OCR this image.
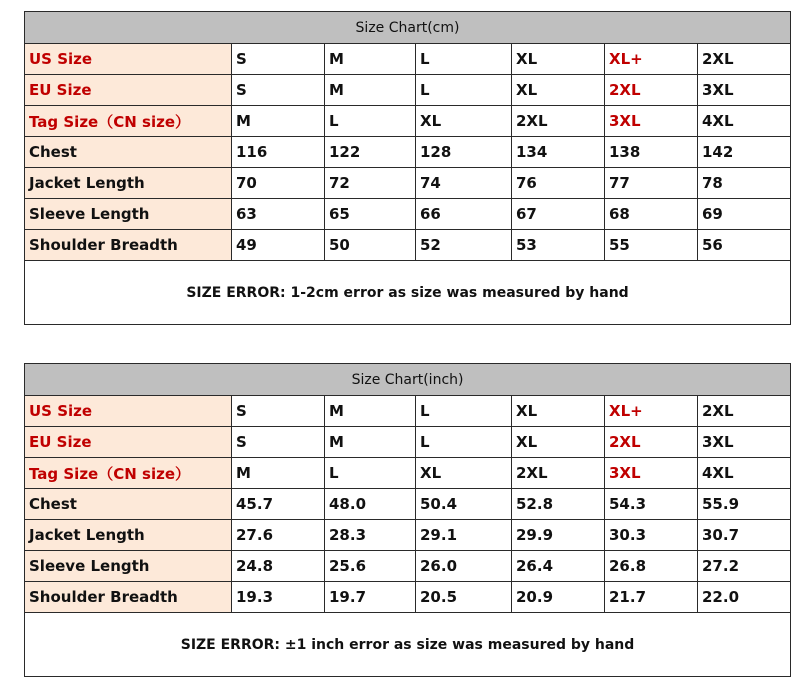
Size Chart(cm)						
US Size	S	M	L	XL	XL+	2XL
EU Size	S	M	L	XL	2XL	3XL
Tag Size（CN size）	M	L	XL	2XL	3XL	4XL
Chest	116	122	128	134	138	142
Jacket Length	70	72	74	76	77	78
Sleeve Length	63	65	66	67	68	69
Shoulder Breadth	49	50	52	53	55	56
SIZE ERROR: 1-2cm error as size was measured by hand						
Size Chart(inch)						
US Size	S	M	L	XL	XL+	2XL
EU Size	S	M	L	XL	2XL	3XL
Tag Size（CN size）	M	L	XL	2XL	3XL	4XL
Chest	45.7	48.0	50.4	52.8	54.3	55.9
Jacket Length	27.6	28.3	29.1	29.9	30.3	30.7
Sleeve Length	24.8	25.6	26.0	26.4	26.8	27.2
Shoulder Breadth	19.3	19.7	20.5	20.9	21.7	22.0
SIZE ERROR: ±1 inch error as size was measured by hand						
